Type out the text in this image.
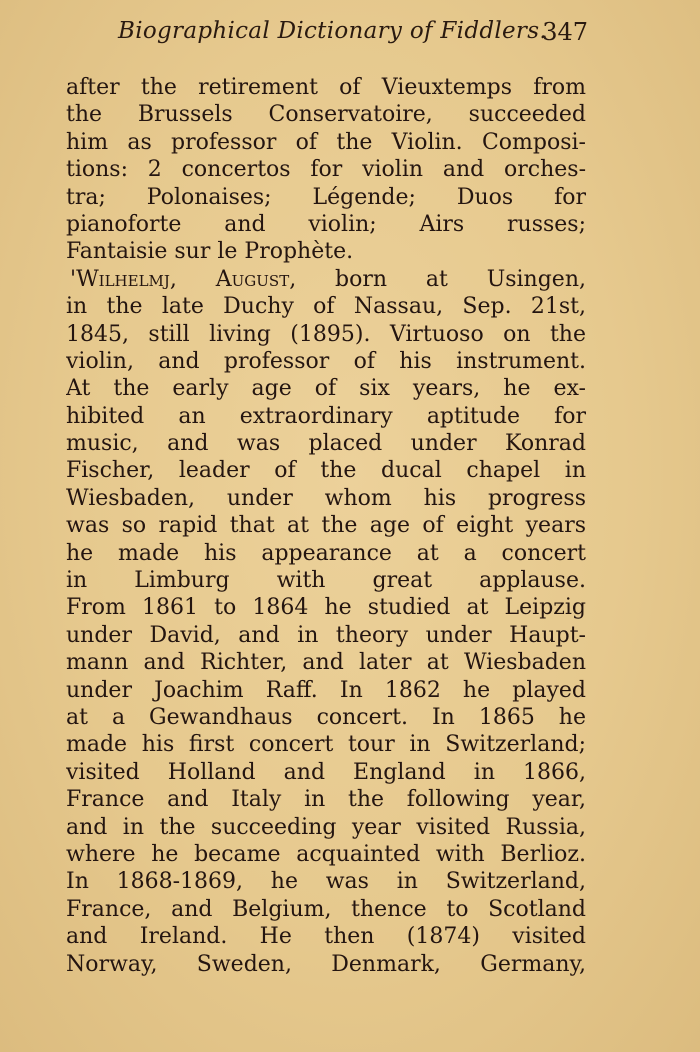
Biographical Dictionary of Fiddlers.
347
after the retirement of Vieuxtemps from
the Brussels Conservatoire, succeeded
him as professor of the Violin. Composi-
tions: 2 concertos for violin and orches-
tra; Polonaises; Légende; Duos for
pianoforte and violin; Airs russes;
Fantaisie sur le Prophète.
'Wilhelmj, August, born at Usingen,
in the late Duchy of Nassau, Sep. 21st,
1845, still living (1895). Virtuoso on the
violin, and professor of his instrument.
At the early age of six years, he ex-
hibited an extraordinary aptitude for
music, and was placed under Konrad
Fischer, leader of the ducal chapel in
Wiesbaden, under whom his progress
was so rapid that at the age of eight years
he made his appearance at a concert
in Limburg with great applause.
From 1861 to 1864 he studied at Leipzig
under David, and in theory under Haupt-
mann and Richter, and later at Wiesbaden
under Joachim Raff. In 1862 he played
at a Gewandhaus concert. In 1865 he
made his first concert tour in Switzerland;
visited Holland and England in 1866,
France and Italy in the following year,
and in the succeeding year visited Russia,
where he became acquainted with Berlioz.
In 1868-1869, he was in Switzerland,
France, and Belgium, thence to Scotland
and Ireland. He then (1874) visited
Norway, Sweden, Denmark, Germany,
